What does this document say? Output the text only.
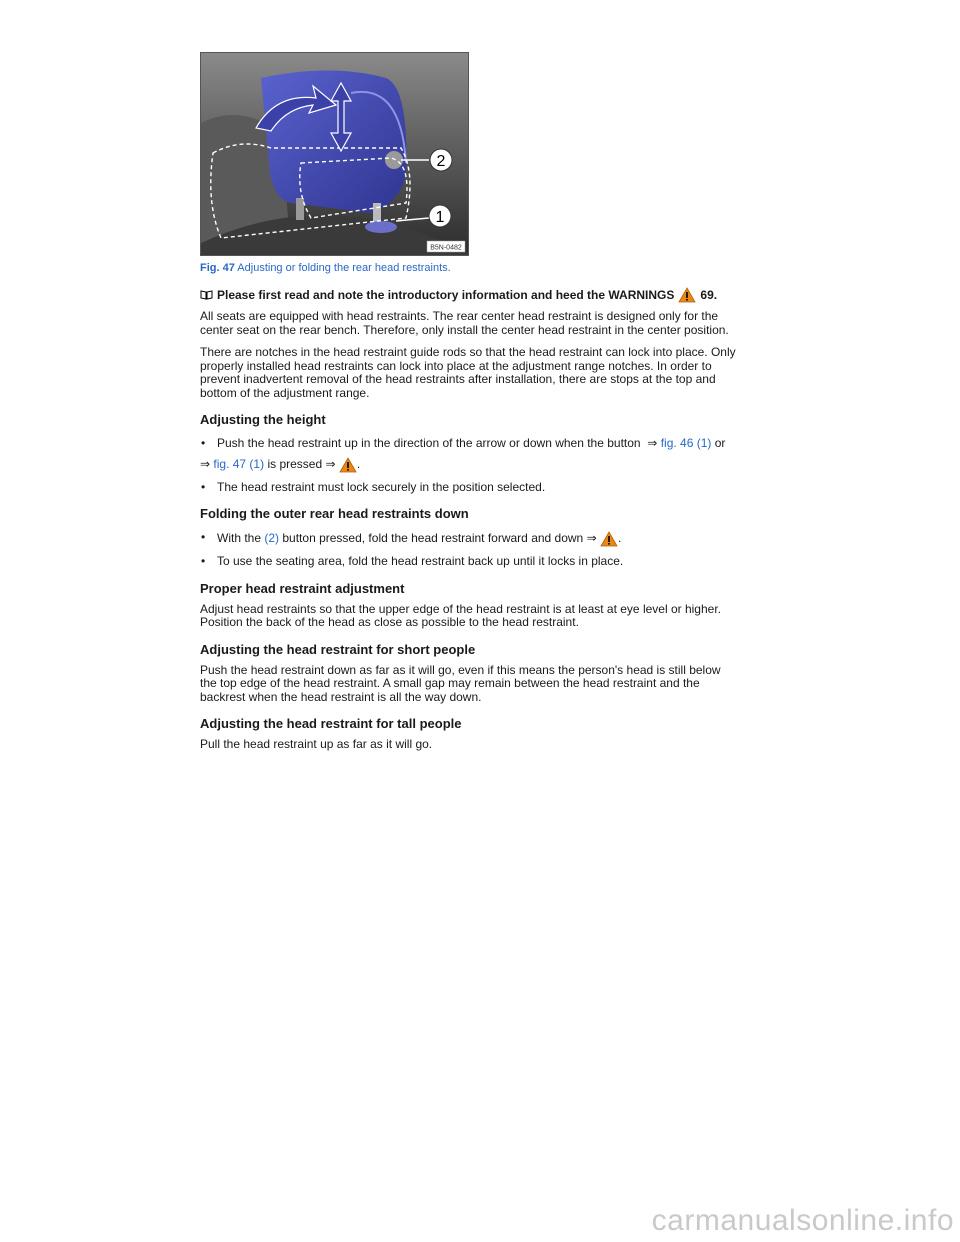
2
1
B5N-0482
Fig. 47 Adjusting or folding the rear head restraints.
Please first read and note the introductory information and heed the WARNINGS 69.

All seats are equipped with head restraints. The rear center head restraint is designed only for the center seat on the rear bench. Therefore, only install the center head restraint in the center position.

There are notches in the head restraint guide rods so that the head restraint can lock into place. Only properly installed head restraints can lock into place at the adjustment range notches. In order to prevent inadvertent removal of the head restraints after installation, there are stops at the top and bottom of the adjustment range.

Adjusting the height
• Push the head restraint up in the direction of the arrow or down when the button ⇒ fig. 46 (1) or
⇒ fig. 47 (1) is pressed ⇒ .
• The head restraint must lock securely in the position selected.
Folding the outer rear head restraints down
• With the (2) button pressed, fold the head restraint forward and down ⇒ .
• To use the seating area, fold the head restraint back up until it locks in place.
Proper head restraint adjustment

Adjust head restraints so that the upper edge of the head restraint is at least at eye level or higher. Position the back of the head as close as possible to the head restraint.

Adjusting the head restraint for short people

Push the head restraint down as far as it will go, even if this means the person's head is still below the top edge of the head restraint. A small gap may remain between the head restraint and the backrest when the head restraint is all the way down.

Adjusting the head restraint for tall people

Pull the head restraint up as far as it will go.

carmanualsonline.info
